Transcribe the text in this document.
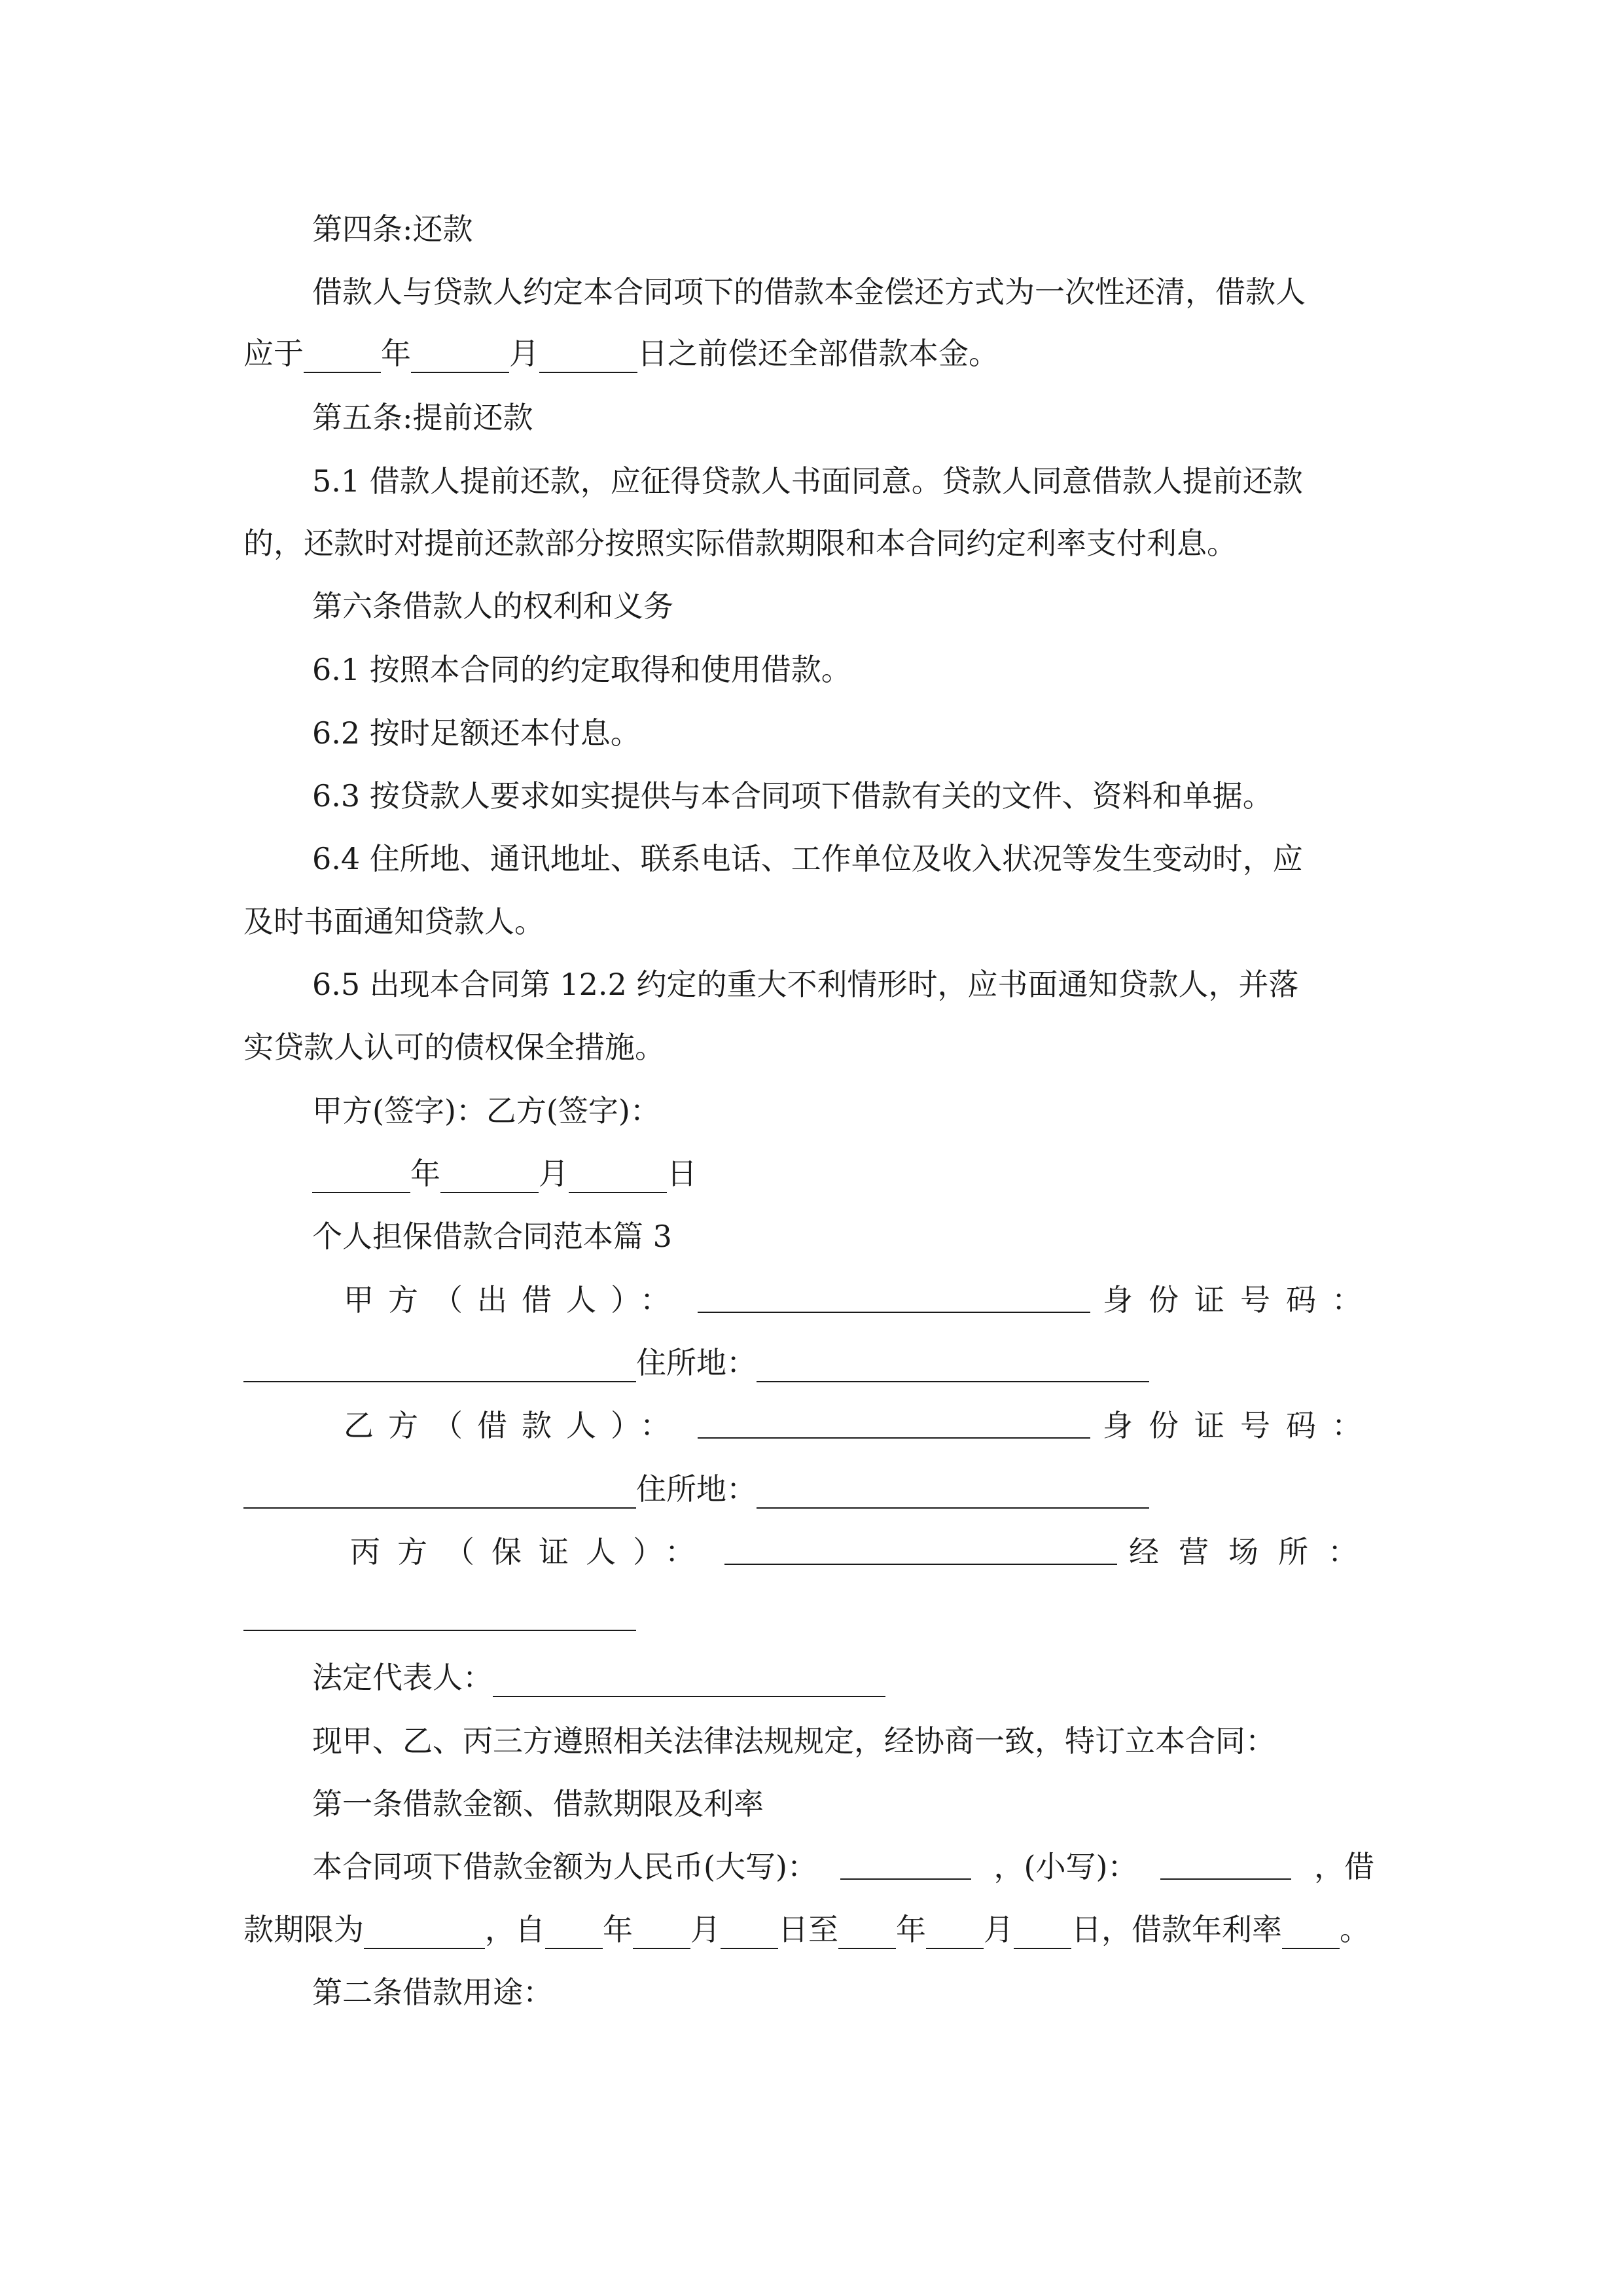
第四条:还款
借款人与贷款人约定本合同项下的借款本金偿还方式为一次性还清，借款人
应于	年	月	日之前偿还全部借款本金。
第五条:提前还款
5.1 借款人提前还款，应征得贷款人书面同意。贷款人同意借款人提前还款
的，还款时对提前还款部分按照实际借款期限和本合同约定利率支付利息。
第六条借款人的权利和义务
6.1 按照本合同的约定取得和使用借款。
6.2 按时足额还本付息。
6.3 按贷款人要求如实提供与本合同项下借款有关的文件、资料和单据。
6.4 住所地、通讯地址、联系电话、工作单位及收入状况等发生变动时，应
及时书面通知贷款人。
6.5 出现本合同第 12.2 约定的重大不利情形时，应书面通知贷款人，并落
实贷款人认可的债权保全措施。
甲方(签字)：乙方(签字)：
年	月	日
个人担保借款合同范本篇 3
甲方（出借人）：	身份证号码：
住所地：
乙方（借款人）：	身份证号码：
住所地：
丙方（保证人）：	经营场所：
法定代表人：
现甲、乙、丙三方遵照相关法律法规规定，经协商一致，特订立本合同：
第一条借款金额、借款期限及利率
本合同项下借款金额为人民币(大写)：	，(小写)：	，借
款期限为	，自 年 月 日至 年 月 日，借款年利率 。
第二条借款用途：
